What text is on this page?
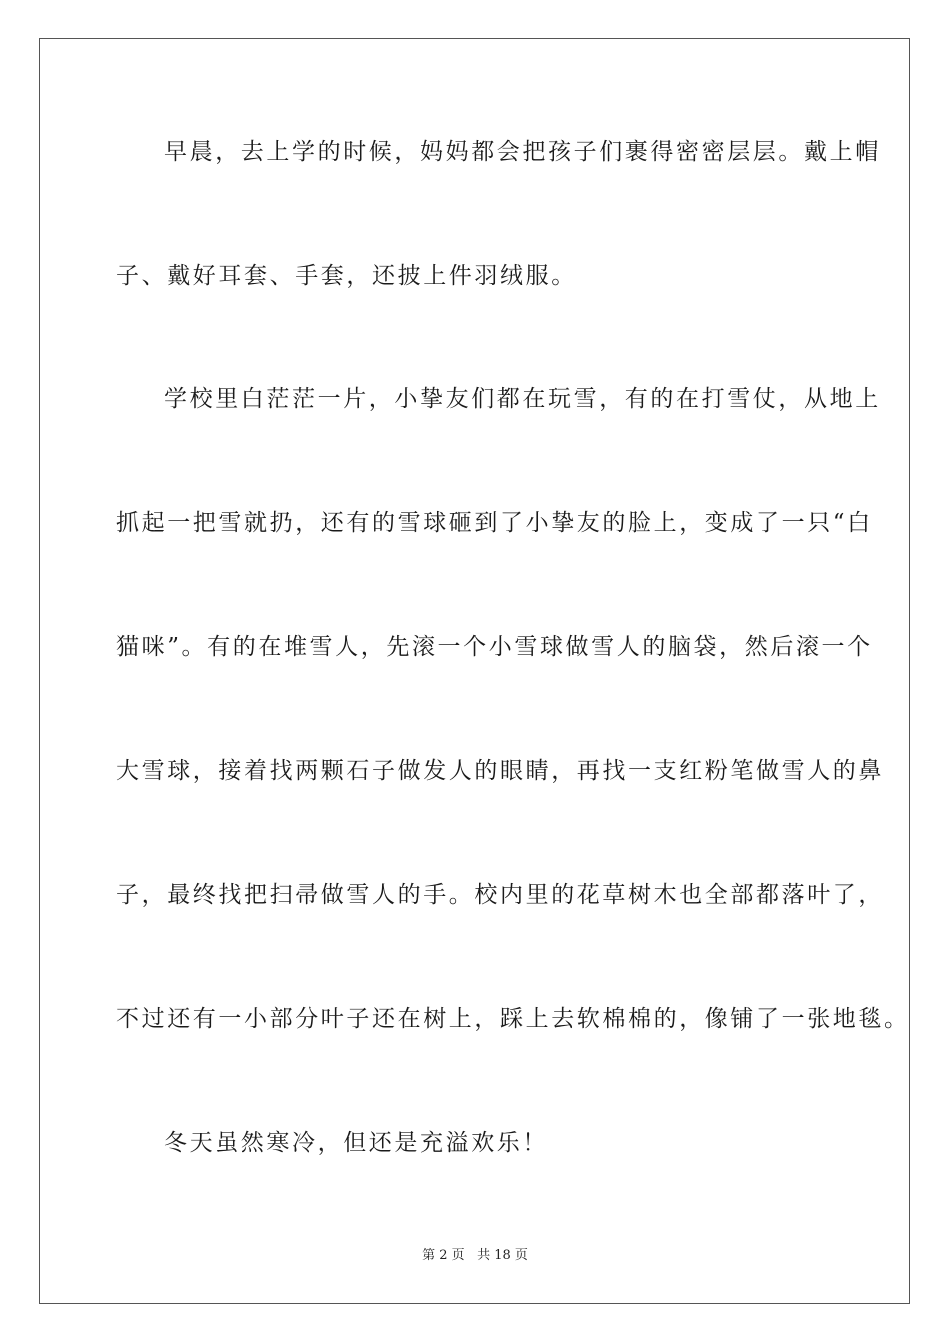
早晨，去上学的时候，妈妈都会把孩子们裹得密密层层。戴上帽
子、戴好耳套、手套，还披上件羽绒服。
学校里白茫茫一片，小挚友们都在玩雪，有的在打雪仗，从地上
抓起一把雪就扔，还有的雪球砸到了小挚友的脸上，变成了一只“白
猫咪”。有的在堆雪人，先滚一个小雪球做雪人的脑袋，然后滚一个
大雪球，接着找两颗石子做发人的眼睛，再找一支红粉笔做雪人的鼻
子，最终找把扫帚做雪人的手。校内里的花草树木也全部都落叶了，
不过还有一小部分叶子还在树上，踩上去软棉棉的，像铺了一张地毯。
冬天虽然寒冷，但还是充溢欢乐！
第 2 页 共 18 页
